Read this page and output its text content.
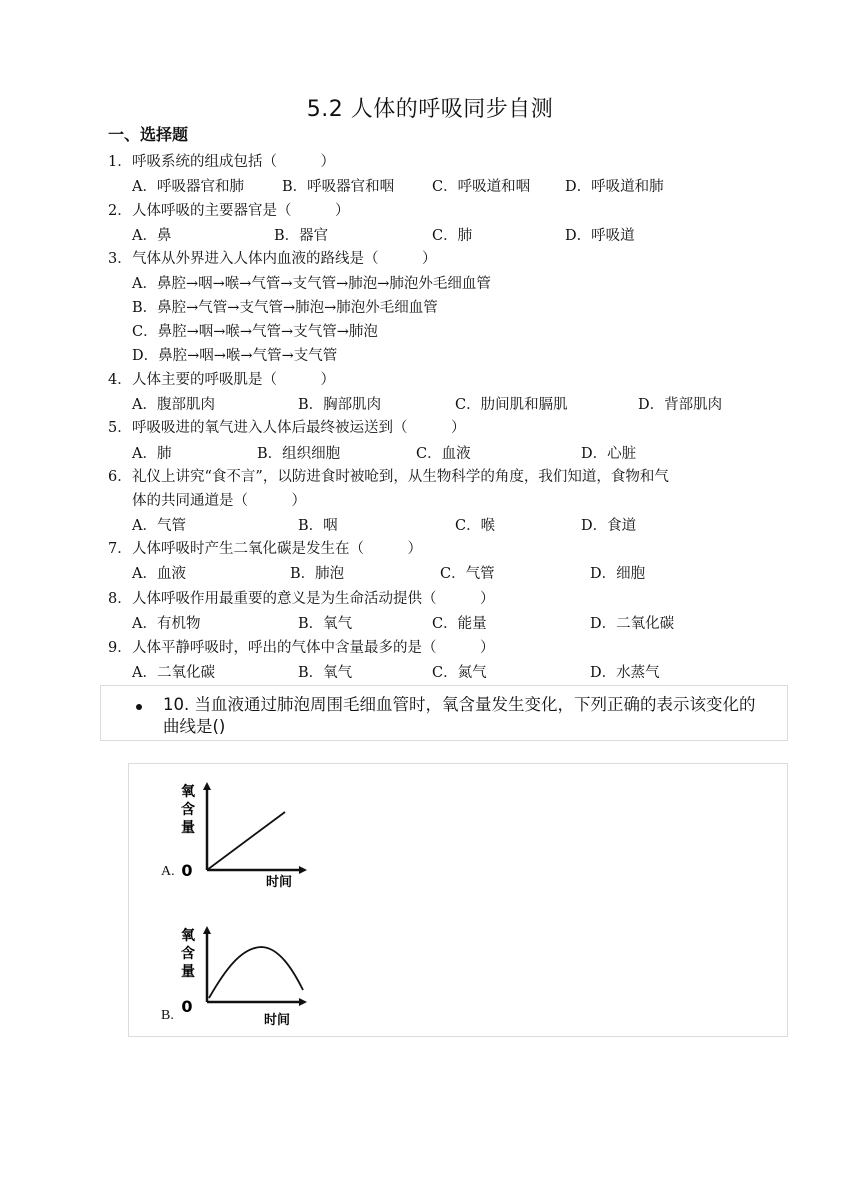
5.2 人体的呼吸同步自测
一、选择题
1．呼吸系统的组成包括（　　　）
A．呼吸器官和肺	B．呼吸器官和咽	C．呼吸道和咽 D．呼吸道和肺
2．人体呼吸的主要器官是（　　　）
A．鼻	B．器官	C．肺	D．呼吸道
3．气体从外界进入人体内血液的路线是（　　　）
A．鼻腔→咽→喉→气管→支气管→肺泡→肺泡外毛细血管
B．鼻腔→气管→支气管→肺泡→肺泡外毛细血管
C．鼻腔→咽→喉→气管→支气管→肺泡
D．鼻腔→咽→喉→气管→支气管
4．人体主要的呼吸肌是（　　　）
A．腹部肌肉	B．胸部肌肉	C．肋间肌和膈肌	D．背部肌肉
5．呼吸吸进的氧气进入人体后最终被运送到（　　　）
A．肺	B．组织细胞	C．血液	D．心脏
6．礼仪上讲究“食不言”，以防进食时被呛到，从生物科学的角度，我们知道，食物和气
体的共同通道是（　　　）
A．气管	B．咽	C．喉	D．食道
7．人体呼吸时产生二氧化碳是发生在（　　　）
A．血液	B．肺泡	C．气管	D．细胞
8．人体呼吸作用最重要的意义是为生命活动提供（　　　）
A．有机物	B．氧气	C．能量	D．二氧化碳
9．人体平静呼吸时，呼出的气体中含量最多的是（　　　）
A．二氧化碳	B．氧气	C．氮气	D．水蒸气
10. 当血液通过肺泡周围毛细血管时，氧含量发生变化，下列正确的表示该变化的曲线是()
A.
氧
含
量
0
时间
B.
氧
含
量
0
时间
